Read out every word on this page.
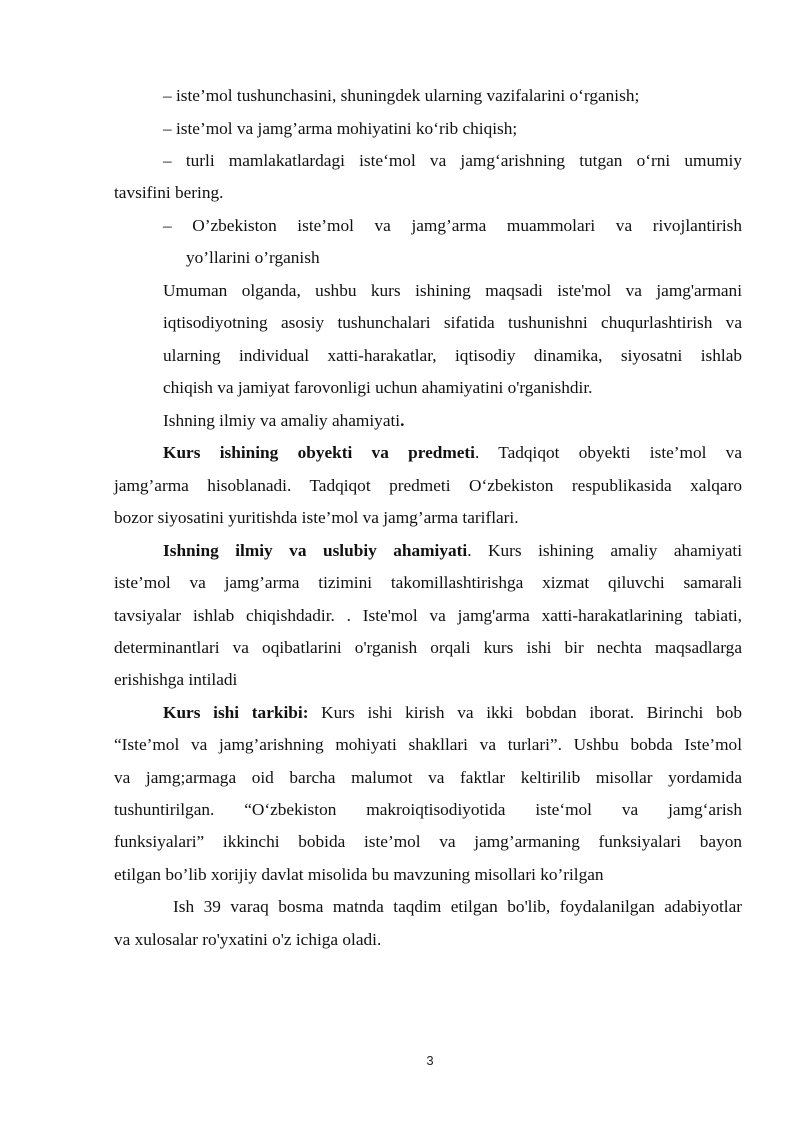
– iste’mol tushunchasini, shuningdek ularning vazifalarini o‘rganish;
– iste’mol va jamg’arma mohiyatini ko‘rib chiqish;
– turli mamlakatlardagi iste‘mol va jamg‘arishning tutgan o‘rni umumiy
tavsifini bering.
– O’zbekiston iste’mol va jamg’arma muammolari va rivojlantirish
yo’llarini o’rganish
Umuman olganda, ushbu kurs ishining maqsadi iste'mol va jamg'armani
iqtisodiyotning asosiy tushunchalari sifatida tushunishni chuqurlashtirish va
ularning individual xatti-harakatlar, iqtisodiy dinamika, siyosatni ishlab
chiqish va jamiyat farovonligi uchun ahamiyatini o'rganishdir.
Ishning ilmiy va amaliy ahamiyati.
Kurs ishining obyekti va predmeti. Tadqiqot obyekti iste’mol va
jamg’arma hisoblanadi. Tadqiqot predmeti O‘zbekiston respublikasida xalqaro
bozor siyosatini yuritishda iste’mol va jamg’arma tariflari.
Ishning ilmiy va uslubiy ahamiyati. Kurs ishining amaliy ahamiyati
iste’mol va jamg’arma tizimini takomillashtirishga xizmat qiluvchi samarali
tavsiyalar ishlab chiqishdadir. . Iste'mol va jamg'arma xatti-harakatlarining tabiati,
determinantlari va oqibatlarini o'rganish orqali kurs ishi bir nechta maqsadlarga
erishishga intiladi
Kurs ishi tarkibi: Kurs ishi kirish va ikki bobdan iborat. Birinchi bob
“Iste’mol va jamg’arishning mohiyati shakllari va turlari”. Ushbu bobda Iste’mol
va jamg;armaga oid barcha malumot va faktlar keltirilib misollar yordamida
tushuntirilgan. “O‘zbekiston makroiqtisodiyotida iste‘mol va jamg‘arish
funksiyalari” ikkinchi bobida iste’mol va jamg’armaning funksiyalari bayon
etilgan bo’lib xorijiy davlat misolida bu mavzuning misollari ko’rilgan
Ish 39 varaq bosma matnda taqdim etilgan bo'lib, foydalanilgan adabiyotlar
va xulosalar ro'yxatini o'z ichiga oladi.
3
